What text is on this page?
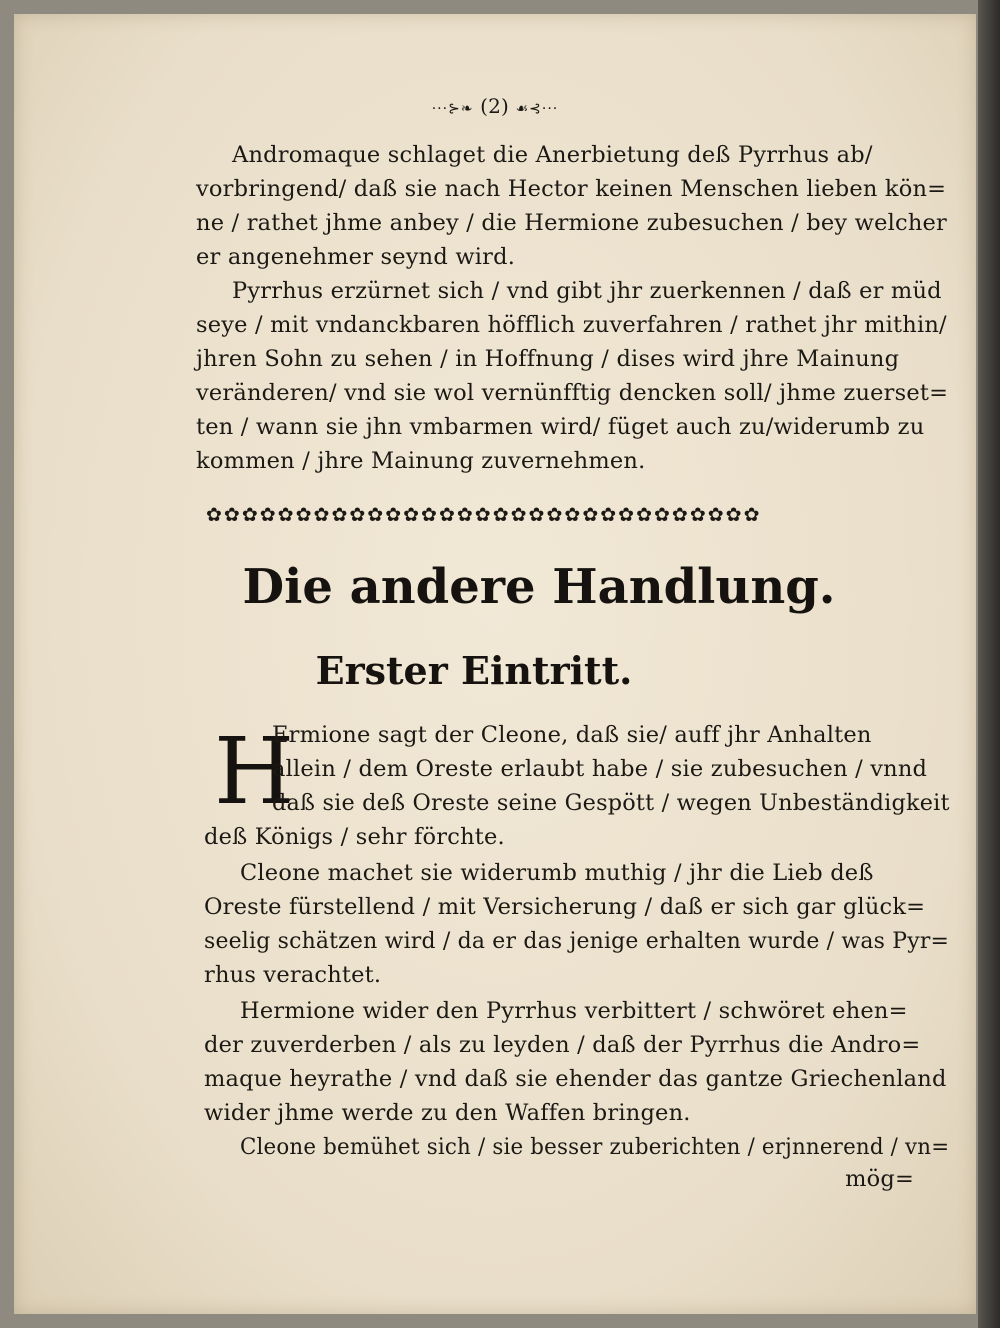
···⊱❧ (2) ☙⊰···
Andromaque schlaget die Anerbietung deß Pyrrhus ab/
vorbringend/ daß sie nach Hector keinen Menschen lieben kön=
ne / rathet jhme anbey / die Hermione zubesuchen / bey welcher
er angenehmer seynd wird.
Pyrrhus erzürnet sich / vnd gibt jhr zuerkennen / daß er müd
seye / mit vndanckbaren höfflich zuverfahren / rathet jhr mithin/
jhren Sohn zu sehen / in Hoffnung / dises wird jhre Mainung
veränderen/ vnd sie wol vernünfftig dencken soll/ jhme zuerset=
ten / wann sie jhn vmbarmen wird/ füget auch zu/widerumb zu
kommen / jhre Mainung zuvernehmen.
✿✿✿✿✿✿✿✿✿✿✿✿✿✿✿✿✿✿✿✿✿✿✿✿✿✿✿✿✿✿✿
Die andere Handlung.
Erster Eintritt.
H
Ermione sagt der Cleone, daß sie/ auff jhr Anhalten
allein / dem Oreste erlaubt habe / sie zubesuchen / vnnd
daß sie deß Oreste seine Gespött / wegen Unbeständigkeit
deß Königs / sehr förchte.
Cleone machet sie widerumb muthig / jhr die Lieb deß
Oreste fürstellend / mit Versicherung / daß er sich gar glück=
seelig schätzen wird / da er das jenige erhalten wurde / was Pyr=
rhus verachtet.
Hermione wider den Pyrrhus verbittert / schwöret ehen=
der zuverderben / als zu leyden / daß der Pyrrhus die Andro=
maque heyrathe / vnd daß sie ehender das gantze Griechenland
wider jhme werde zu den Waffen bringen.
Cleone bemühet sich / sie besser zuberichten / erjnnerend / vn=
mög=
